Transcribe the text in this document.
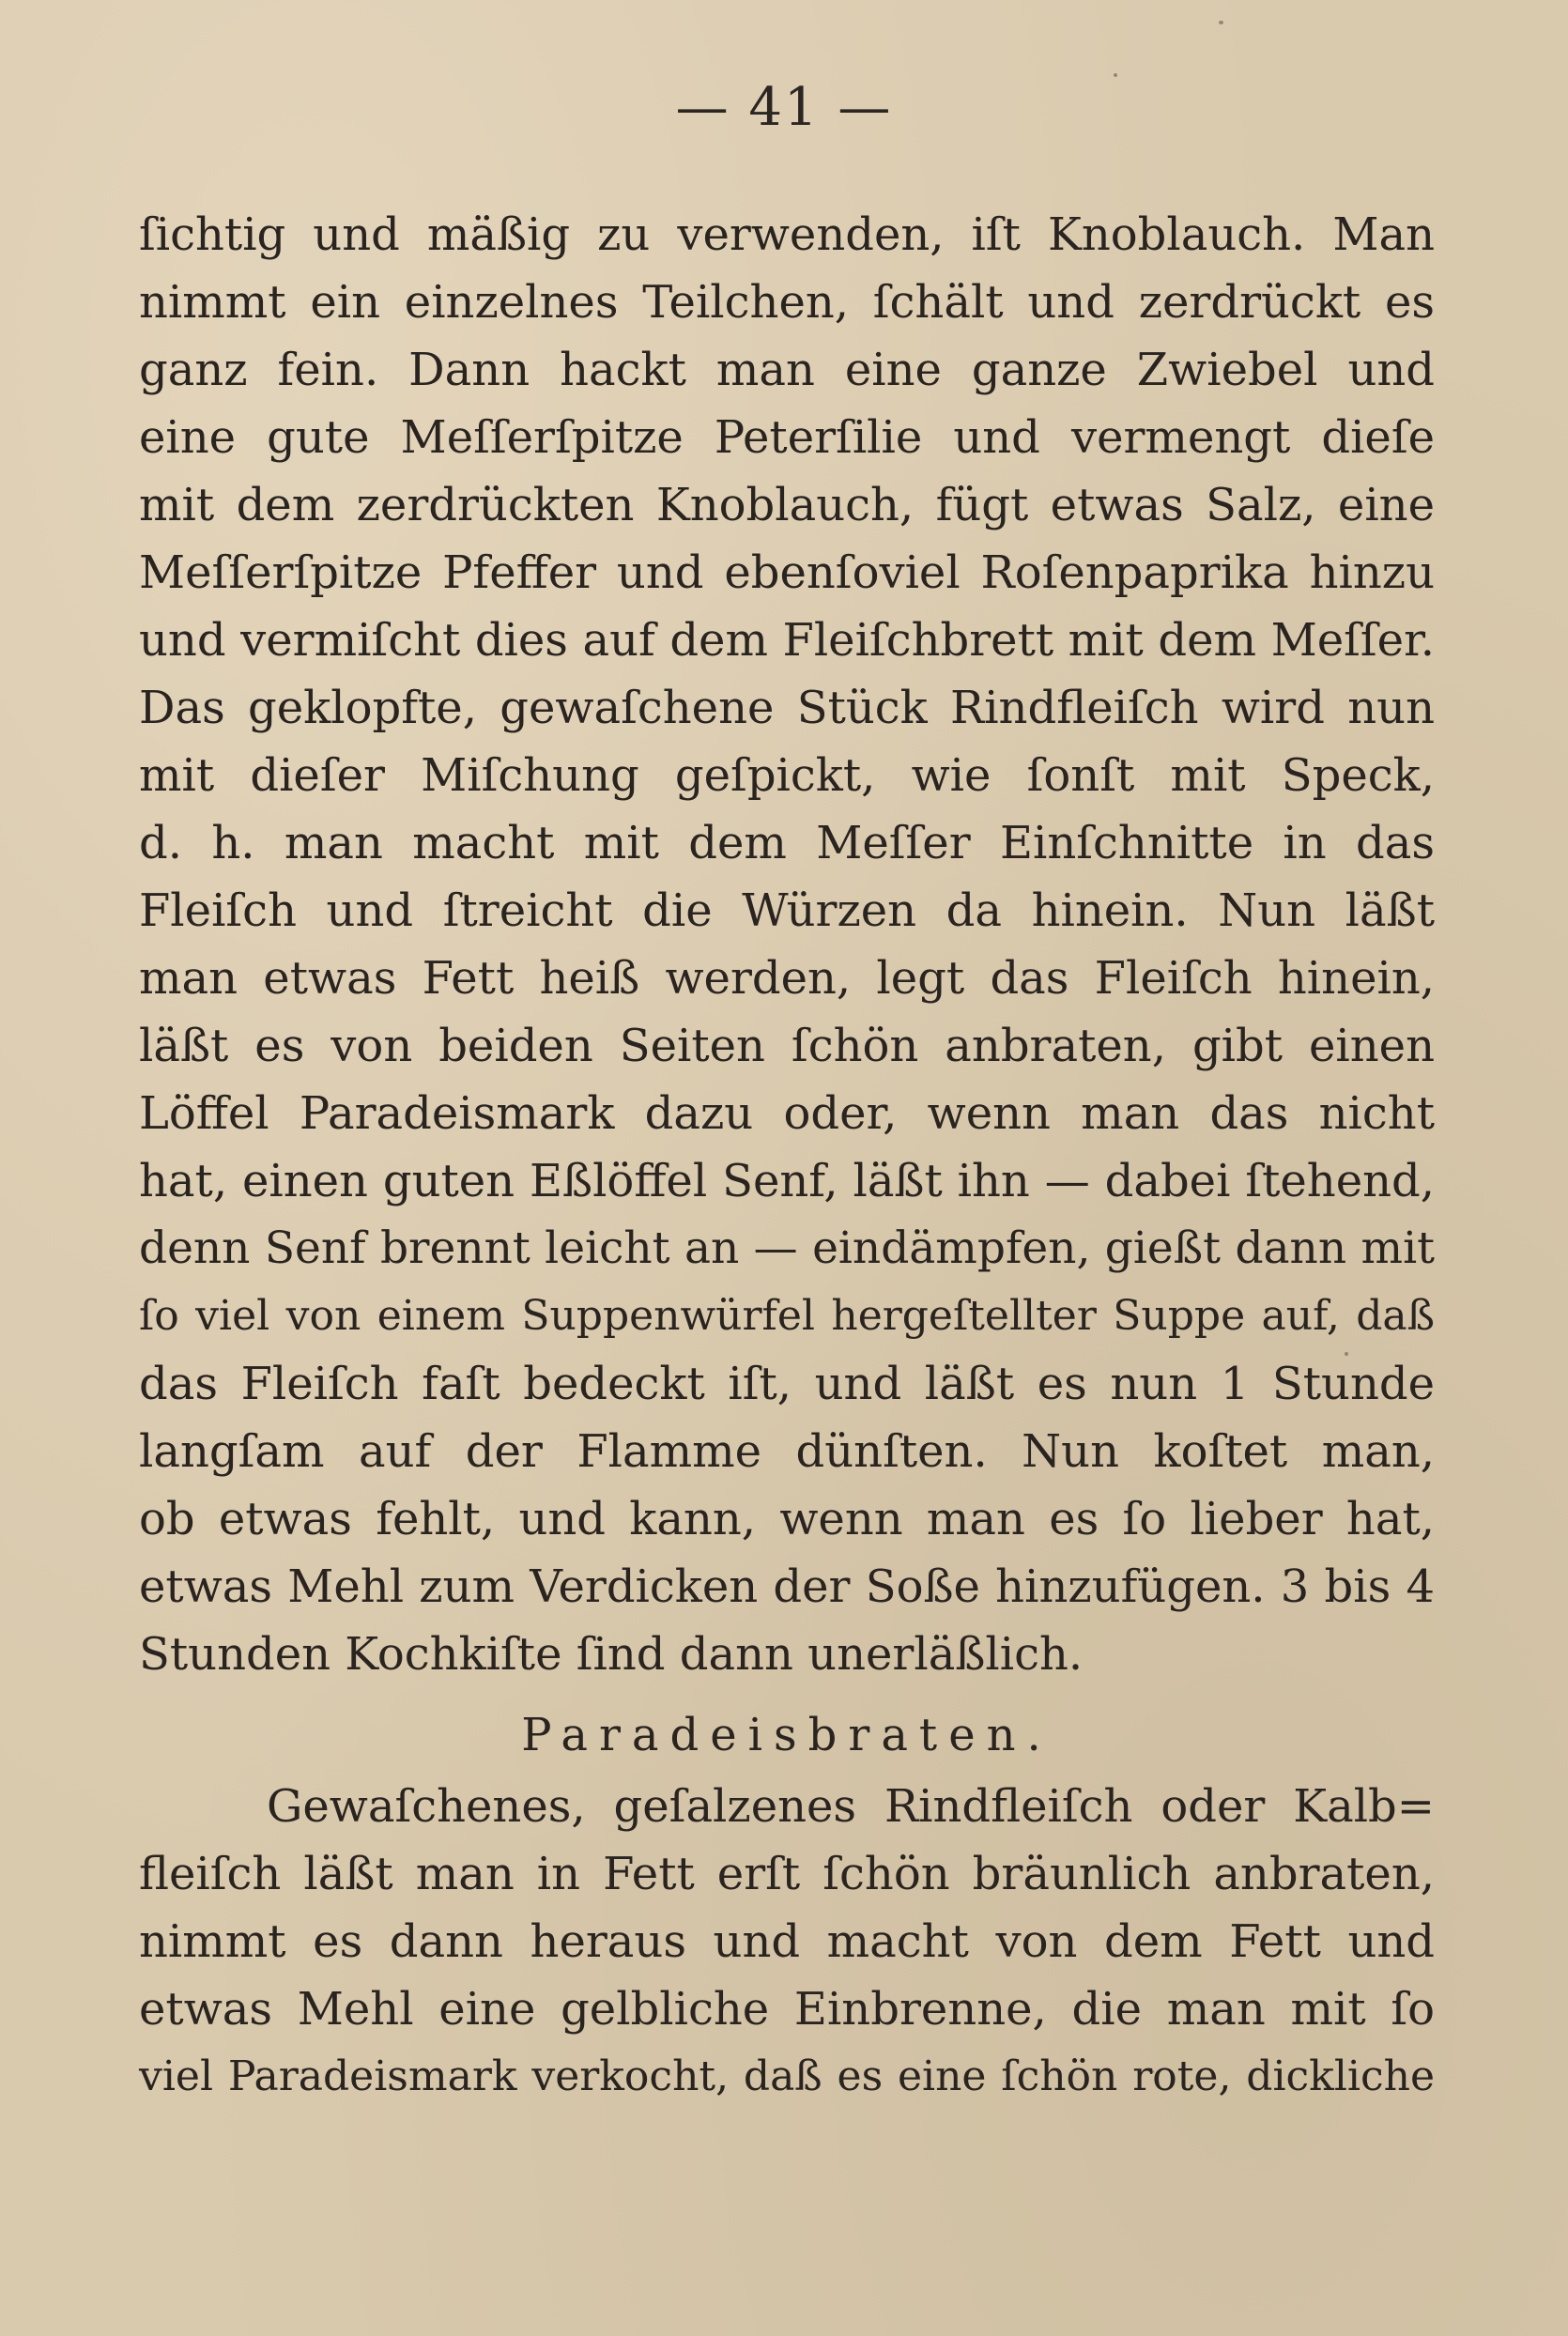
— 41 —
ſichtig und mäßig zu verwenden, iſt Knoblauch. Man
nimmt ein einzelnes Teilchen, ſchält und zerdrückt es
ganz fein. Dann hackt man eine ganze Zwiebel und
eine gute Meſſerſpitze Peterſilie und vermengt dieſe
mit dem zerdrückten Knoblauch, fügt etwas Salz, eine
Meſſerſpitze Pfeffer und ebenſoviel Roſenpaprika hinzu
und vermiſcht dies auf dem Fleiſchbrett mit dem Meſſer.
Das geklopfte, gewaſchene Stück Rindfleiſch wird nun
mit dieſer Miſchung geſpickt, wie ſonſt mit Speck,
d. h. man macht mit dem Meſſer Einſchnitte in das
Fleiſch und ſtreicht die Würzen da hinein. Nun läßt
man etwas Fett heiß werden, legt das Fleiſch hinein,
läßt es von beiden Seiten ſchön anbraten, gibt einen
Löffel Paradeismark dazu oder, wenn man das nicht
hat, einen guten Eßlöffel Senf, läßt ihn — dabei ſtehend,
denn Senf brennt leicht an — eindämpfen, gießt dann mit
ſo viel von einem Suppenwürfel hergeſtellter Suppe auf, daß
das Fleiſch faſt bedeckt iſt, und läßt es nun 1 Stunde
langſam auf der Flamme dünſten. Nun koſtet man,
ob etwas fehlt, und kann, wenn man es ſo lieber hat,
etwas Mehl zum Verdicken der Soße hinzufügen. 3 bis 4
Stunden Kochkiſte ſind dann unerläßlich.
Paradeisbraten.
Gewaſchenes, geſalzenes Rindfleiſch oder Kalb=
fleiſch läßt man in Fett erſt ſchön bräunlich anbraten,
nimmt es dann heraus und macht von dem Fett und
etwas Mehl eine gelbliche Einbrenne, die man mit ſo
viel Paradeismark verkocht, daß es eine ſchön rote, dickliche
